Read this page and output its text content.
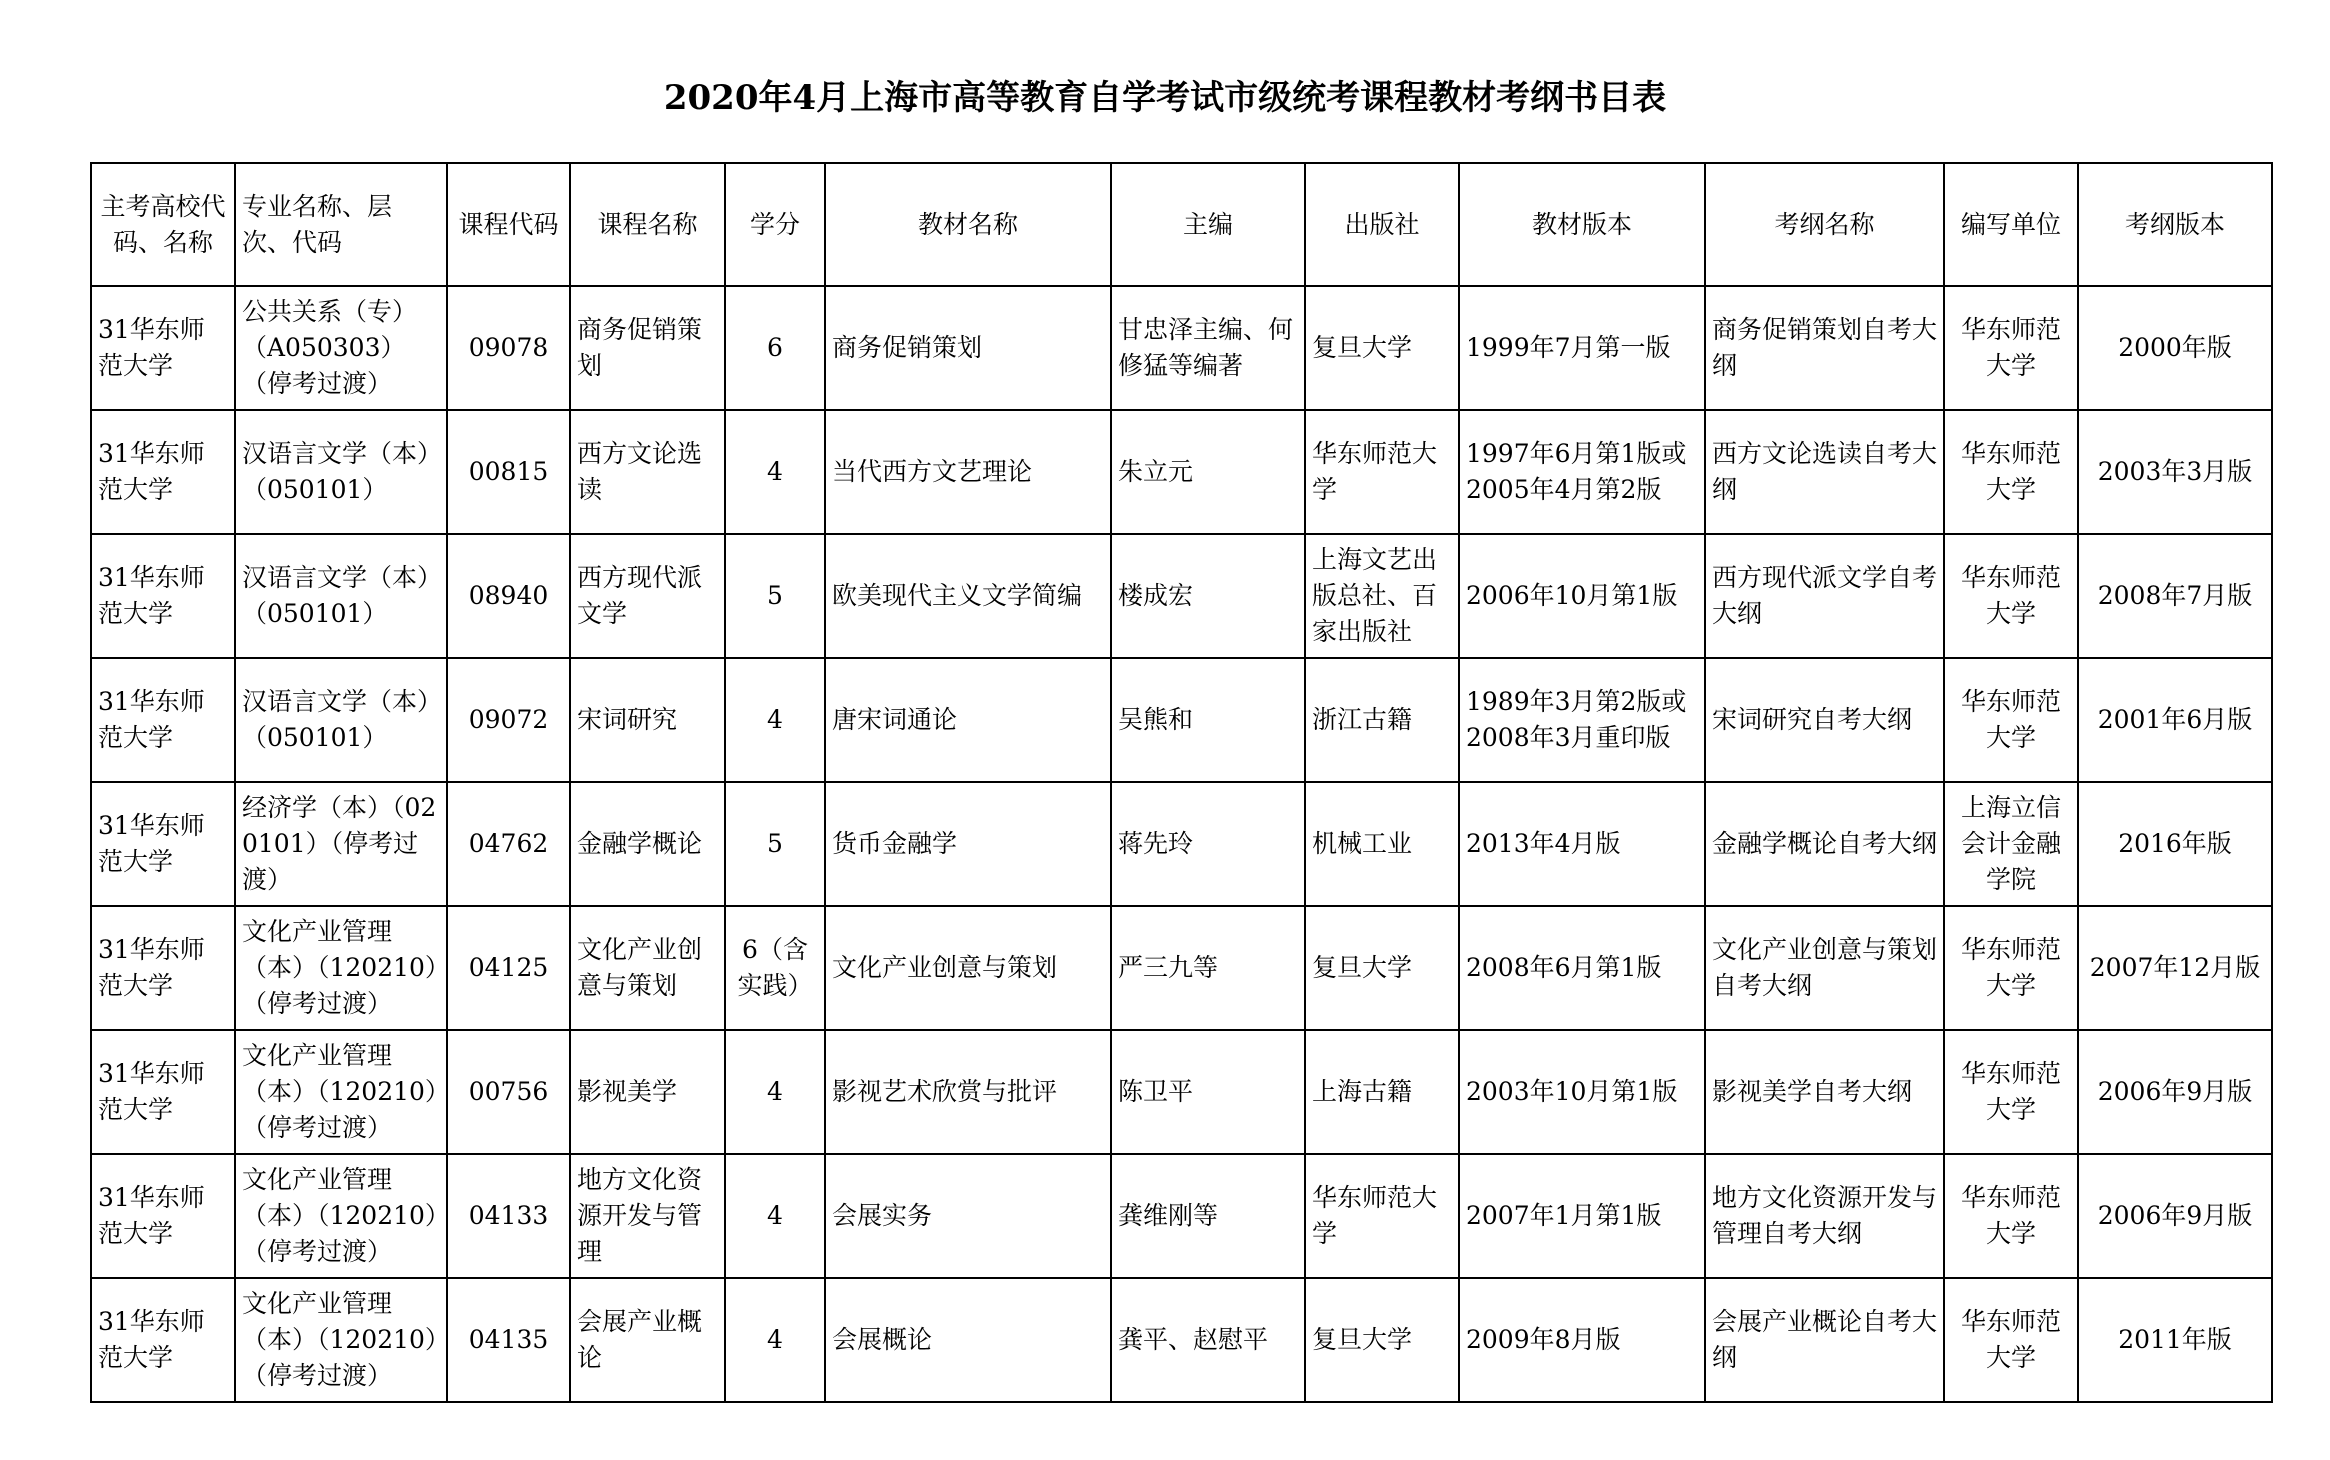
2020年4月上海市高等教育自学考试市级统考课程教材考纲书目表
主考高校代码、名称	专业名称、层次、代码	课程代码	课程名称	学分	教材名称	主编	出版社	教材版本	考纲名称	编写单位	考纲版本

31华东师范大学	公共关系（专）（A050303）（停考过渡）	09078	商务促销策划	6	商务促销策划	甘忠泽主编、何修猛等编著	复旦大学	1999年7月第一版	商务促销策划自考大纲	华东师范大学	2000年版

31华东师范大学	汉语言文学（本）（050101）	00815	西方文论选读	4	当代西方文艺理论	朱立元	华东师范大学	1997年6月第1版或2005年4月第2版	西方文论选读自考大纲	华东师范大学	2003年3月版

31华东师范大学	汉语言文学（本）（050101）	08940	西方现代派文学	5	欧美现代主义文学简编	楼成宏	上海文艺出版总社、百家出版社	2006年10月第1版	西方现代派文学自考大纲	华东师范大学	2008年7月版

31华东师范大学	汉语言文学（本）（050101）	09072	宋词研究	4	唐宋词通论	吴熊和	浙江古籍	1989年3月第2版或2008年3月重印版	宋词研究自考大纲	华东师范大学	2001年6月版

31华东师范大学	经济学（本）（020101）（停考过渡）	04762	金融学概论	5	货币金融学	蒋先玲	机械工业	2013年4月版	金融学概论自考大纲	上海立信会计金融学院	2016年版

31华东师范大学	文化产业管理（本）（120210）（停考过渡）	04125	文化产业创意与策划	6（含实践）	文化产业创意与策划	严三九等	复旦大学	2008年6月第1版	文化产业创意与策划自考大纲	华东师范大学	2007年12月版

31华东师范大学	文化产业管理（本）（120210）（停考过渡）	00756	影视美学	4	影视艺术欣赏与批评	陈卫平	上海古籍	2003年10月第1版	影视美学自考大纲	华东师范大学	2006年9月版

31华东师范大学	文化产业管理（本）（120210）（停考过渡）	04133	地方文化资源开发与管理	4	会展实务	龚维刚等	华东师范大学	2007年1月第1版	地方文化资源开发与管理自考大纲	华东师范大学	2006年9月版

31华东师范大学	文化产业管理（本）（120210）（停考过渡）	04135	会展产业概论	4	会展概论	龚平、赵慰平	复旦大学	2009年8月版	会展产业概论自考大纲	华东师范大学	2011年版
